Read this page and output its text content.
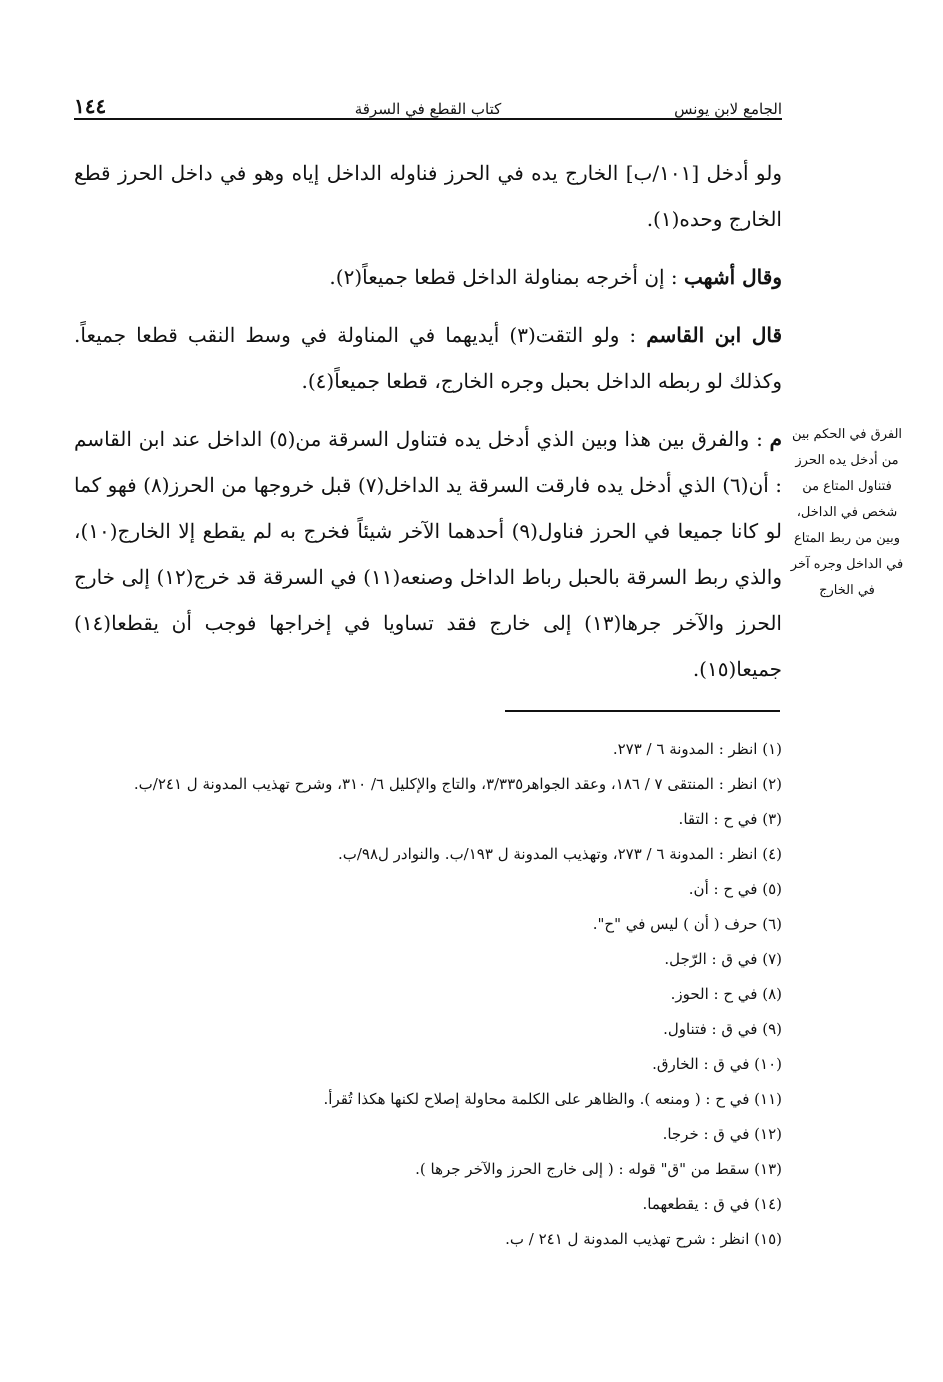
الجامع لابن يونس
كتاب القطع في السرقة
١٤٤

ولو أدخل [١٠١/ب] الخارج يده في الحرز فناوله الداخل إياه وهو في داخل الحرز قطع الخارج وحده(١).

وقال أشهب : إن أخرجه بمناولة الداخل قطعا جميعاً(٢).

قال ابن القاسم : ولو التقت(٣) أيديهما في المناولة في وسط النقب قطعا جميعاً. وكذلك لو ربطه الداخل بحبل وجره الخارج، قطعا جميعاً(٤).

م : والفرق بين هذا وبين الذي أدخل يده فتناول السرقة من(٥) الداخل عند ابن القاسم : أن(٦) الذي أدخل يده فارقت السرقة يد الداخل(٧) قبل خروجها من الحرز(٨) فهو كما لو كانا جميعا في الحرز فناول(٩) أحدهما الآخر شيئاً فخرج به لم يقطع إلا الخارج(١٠)، والذي ربط السرقة بالحبل رباط الداخل وصنعه(١١) في السرقة قد خرج(١٢) إلى خارج الحرز والآخر جرها(١٣) إلى خارج فقد تساويا في إخراجها فوجب أن يقطعا(١٤) جميعا(١٥).

الفرق في الحكم بين من أدخل يده الحرز فتناول المتاع من شخص في الداخل، وبين من ربط المتاع في الداخل وجره آخر في الخارج

(١) انظر : المدونة ٦ / ٢٧٣.

(٢) انظر : المنتقى ٧ / ١٨٦، وعقد الجواهر٣/٣٣٥، والتاج والإكليل ٦/ ٣١٠، وشرح تهذيب المدونة ل ٢٤١/ب.

(٣) في ح : التقا.

(٤) انظر : المدونة ٦ / ٢٧٣، وتهذيب المدونة ل ١٩٣/ب. والنوادر ل٩٨/ب.

(٥) في ح : أن.

(٦) حرف ( أن ) ليس في "ح".

(٧) في ق : الرّجل.

(٨) في ح : الحوز.

(٩) في ق : فتناول.

(١٠) في ق : الخارق.

(١١) في ح : ( ومنعه ). والظاهر على الكلمة محاولة إصلاح لكنها هكذا تُقرأ.

(١٢) في ق : خرجا.

(١٣) سقط من "ق" قوله : ( إلى خارج الحرز والآخر جرها ).

(١٤) في ق : يقطعهما.

(١٥) انظر : شرح تهذيب المدونة ل ٢٤١ / ب.
